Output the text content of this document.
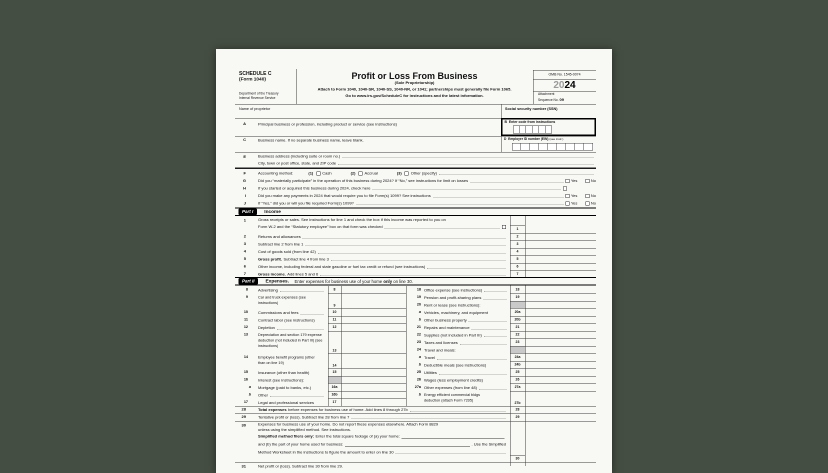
SCHEDULE C
(Form 1040)
Department of the Treasury
Internal Revenue Service
Profit or Loss From Business
(Sole Proprietorship)
Attach to Form 1040, 1040-SR, 1040-SS, 1040-NR, or 1041; partnerships must generally file Form 1065.
Go to www.irs.gov/ScheduleC for instructions and the latest information.
OMB No. 1545-0074
2024
Attachment
Sequence No. 09
Name of proprietor	Social security number (SSN)
A Principal business or profession, including product or service (see instructions)	B Enter code from instructions
C Business name. If no separate business name, leave blank.	D Employer ID number (EIN) (see instr.)
E Business address (including suite or room no.)
City, town or post office, state, and ZIP code
F Accounting method: (1) Cash (2) Accrual (3) Other (specify)
G Did you “materially participate” in the operation of this business during 2024? If “No,” see instructions for limit on losses	Yes No
H If you started or acquired this business during 2024, check here
I Did you make any payments in 2024 that would require you to file Form(s) 1099? See instructions	Yes No
J If “Yes,” did you or will you file required Form(s) 1099?	Yes No
Part I	Income
1 Gross receipts or sales. See instructions for line 1 and check the box if this income was reported to you on
Form W-2 and the “Statutory employee” box on that form was checked	1
2 Returns and allowances	2
3 Subtract line 2 from line 1	3
4 Cost of goods sold (from line 42)	4
5 Gross profit. Subtract line 4 from line 3	5
6 Other income, including federal and state gasoline or fuel tax credit or refund (see instructions)	6
7 Gross income. Add lines 5 and 6	7
Part II	Expenses. Enter expenses for business use of your home only on line 30.
8 Advertising	8
9 Car and truck expenses (see instructions)
9
10 Commissions and fees	10
11 Contract labor (see instructions)	11
12 Depletion	12
13 Depreciation and section 179 expense deduction (not included in Part III) (see instructions)
13
14 Employee benefit programs (other than on line 19)
14
15 Insurance (other than health)	15
16 Interest (see instructions):
a Mortgage (paid to banks, etc.)	16a
b Other	16b
17 Legal and professional services	17
18 Office expense (see instructions)	18
19 Pension and profit-sharing plans	19
20 Rent or lease (see instructions):
a Vehicles, machinery, and equipment	20a
b Other business property	20b
21 Repairs and maintenance	21
22 Supplies (not included in Part III)	22
23 Taxes and licenses	23
24 Travel and meals:
a Travel	24a
b Deductible meals (see instructions)	24b
25 Utilities	25
26 Wages (less employment credits)	26
27a Other expenses (from line 48)	27a
b Energy efficient commercial bldgs deduction (attach Form 7205)
27b
28 Total expenses before expenses for business use of home. Add lines 8 through 27b	28
29 Tentative profit or (loss). Subtract line 28 from line 7	29
30 Expenses for business use of your home. Do not report these expenses elsewhere. Attach Form 8829
unless using the simplified method. See instructions.
Simplified method filers only: Enter the total square footage of (a) your home:
and (b) the part of your home used for business:	. Use the Simplified
Method Worksheet in the instructions to figure the amount to enter on line 30
30
31 Net profit or (loss). Subtract line 30 from line 29.
